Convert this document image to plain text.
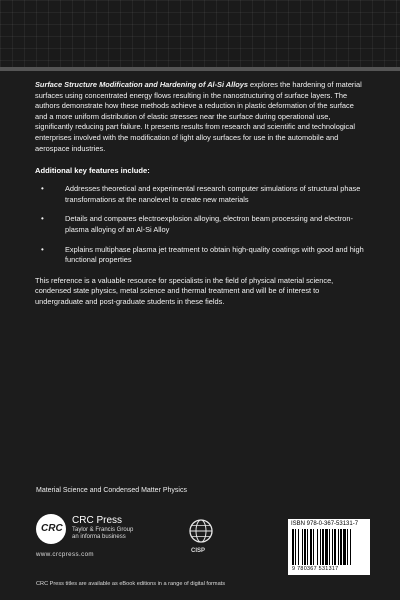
Surface Structure Modification and Hardening of Al-Si Alloys explores the hardening of material surfaces using concentrated energy flows resulting in the nanostructuring of surface layers. The authors demonstrate how these methods achieve a reduction in plastic deformation of the surface and a more uniform distribution of elastic stresses near the surface during operational use, significantly reducing part failure. It presents results from research and scientific and technological enterprises involved with the modification of light alloy surfaces for use in the automobile and aerospace industries.

Additional key features include:

•	Addresses theoretical and experimental research computer simulations of structural phase transformations at the nanolevel to create new materials
•	Details and compares electroexplosion alloying, electron beam processing and electron-plasma alloying of an Al-Si Alloy
•	Explains multiphase plasma jet treatment to obtain high-quality coatings with good and high functional properties

This reference is a valuable resource for specialists in the field of physical material science, condensed state physics, metal science and thermal treatment and will be of interest to undergraduate and post-graduate students in these fields.

Material Science and Condensed Matter Physics
CRC
CRC Press
Taylor & Francis Group
an informa business
www.crcpress.com	CISP
ISBN 978-0-367-53131-7
9 780367 531317
CRC Press titles are available as eBook editions in a range of digital formats
